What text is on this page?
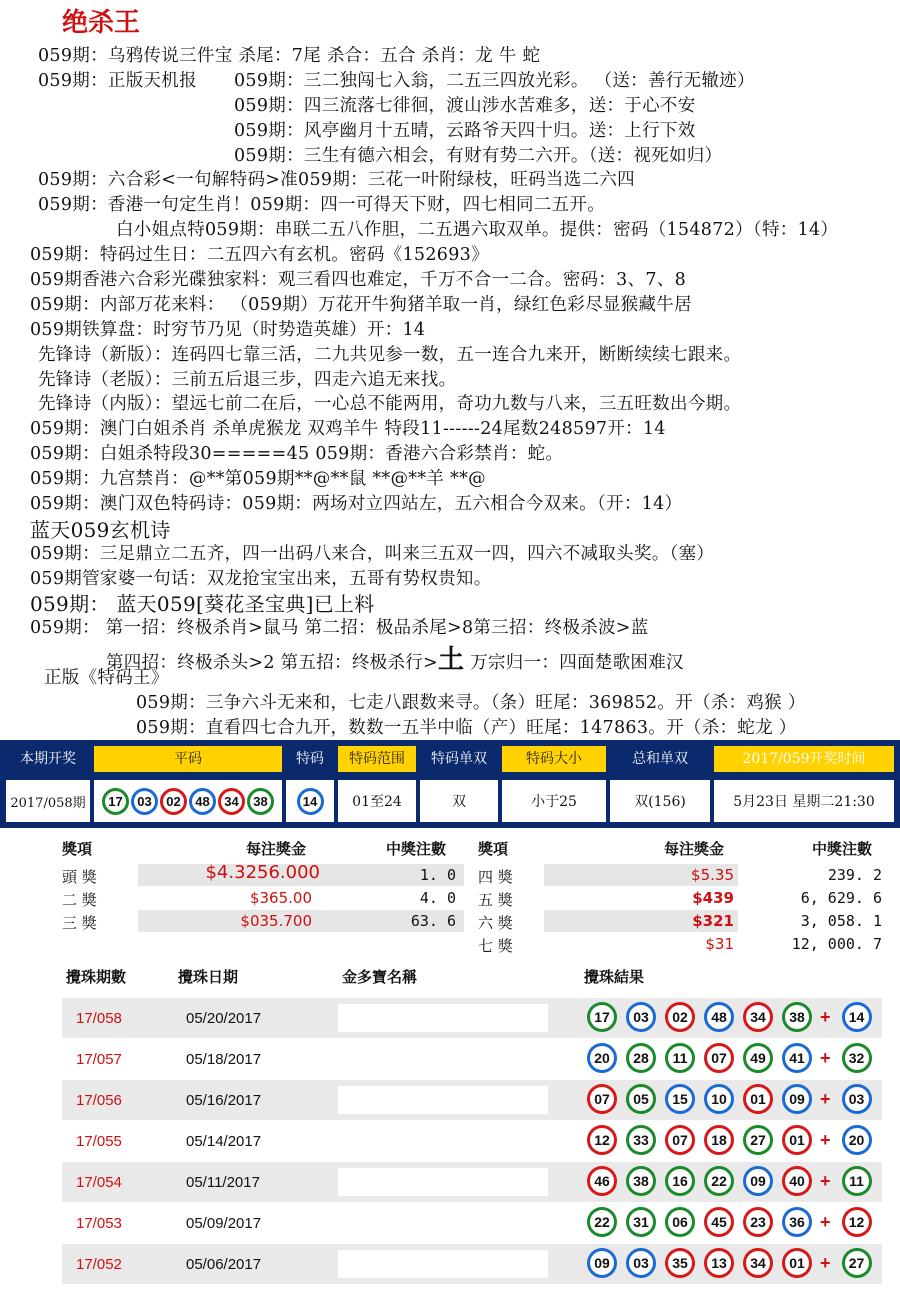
绝杀王
059期：乌鸦传说三件宝 杀尾：7尾 杀合：五合 杀肖：龙 牛 蛇
059期：正版天机报 059期：三二独闯七入翁，二五三四放光彩。 （送：善行无辙迹）
059期：四三流落七徘徊，渡山涉水苦难多，送：于心不安
059期：风亭幽月十五晴，云路爷天四十归。送：上行下效
059期：三生有德六相会，有财有势二六开。（送：视死如归）
059期：六合彩<一句解特码>准059期：三花一叶附绿枝，旺码当选二六四
059期：香港一句定生肖！059期：四一可得天下财，四七相同二五开。
白小姐点特059期：串联二五八作胆，二五遇六取双单。提供：密码（154872）（特：14）
059期：特码过生日：二五四六有玄机。密码《152693》
059期香港六合彩光碟独家料：观三看四也难定，千万不合一二合。密码：3、7、8
059期：内部万花来料： （059期）万花开牛狗猪羊取一肖，绿红色彩尽显猴藏牛居
059期铁算盘：时穷节乃见（时势造英雄）开：14
先锋诗（新版）：连码四七靠三活，二九共见参一数，五一连合九来开，断断续续七跟来。
先锋诗（老版）：三前五后退三步，四走六追无来找。
先锋诗（内版）：望远七前二在后，一心总不能两用，奇功九数与八来，三五旺数出今期。
059期：澳门白姐杀肖 杀单虎猴龙 双鸡羊牛 特段11------24尾数248597开：14
059期：白姐杀特段30=====45 059期：香港六合彩禁肖：蛇。
059期：九宫禁肖：@**第059期**@**鼠 **@**羊 **@
059期：澳门双色特码诗：059期：两场对立四站左，五六相合今双来。（开：14）
蓝天059玄机诗
059期：三足鼎立二五齐，四一出码八来合，叫来三五双一四，四六不减取头奖。（塞）
059期管家婆一句话：双龙抢宝宝出来，五哥有势权贵知。
059期： 蓝天059[葵花圣宝典]已上料
059期： 第一招：终极杀肖>鼠马 第二招：极品杀尾>8第三招：终极杀波>蓝
第四招：终极杀头>2 第五招：终极杀行>土 万宗归一：四面楚歌困难汉
正版《特码王》
059期：三争六斗无来和，七走八跟数来寻。（条）旺尾：369852。开（杀：鸡猴 ）
059期：直看四七合九开，数数一五半中临（产）旺尾：147863。开（杀：蛇龙 ）
本期开奖	平码	特码	特码范围	特码单双	特码大小	总和单双	2017/059开奖时间
2017/058期	17	03	02	48	34	38	14	01至24	双	小于25	双(156)	5月23日 星期二21:30
獎項	每注獎金	中獎注數 獎項	每注獎金	中獎注數
頭 獎	$4.3256.000	1. 0
二 獎	$365.00	4. 0
三 獎	$035.700	63. 6
四 獎	$5.35	239. 2
五 獎	$439	6, 629. 6
六 獎	$321	3, 058. 1
七 獎	$31	12, 000. 7
攪珠期數	攪珠日期	金多寶名稱	攪珠結果
17/058	05/20/2017	17	03	02	48	34	38 +	14
17/057	05/18/2017	20	28	11	07	49	41 +	32
17/056	05/16/2017	07	05	15	10	01	09 +	03
17/055	05/14/2017	12	33	07	18	27	01 +	20
17/054	05/11/2017	46	38	16	22	09	40 +	11
17/053	05/09/2017	22	31	06	45	23	36 +	12
17/052	05/06/2017	09	03	35	13	34	01 +	27
